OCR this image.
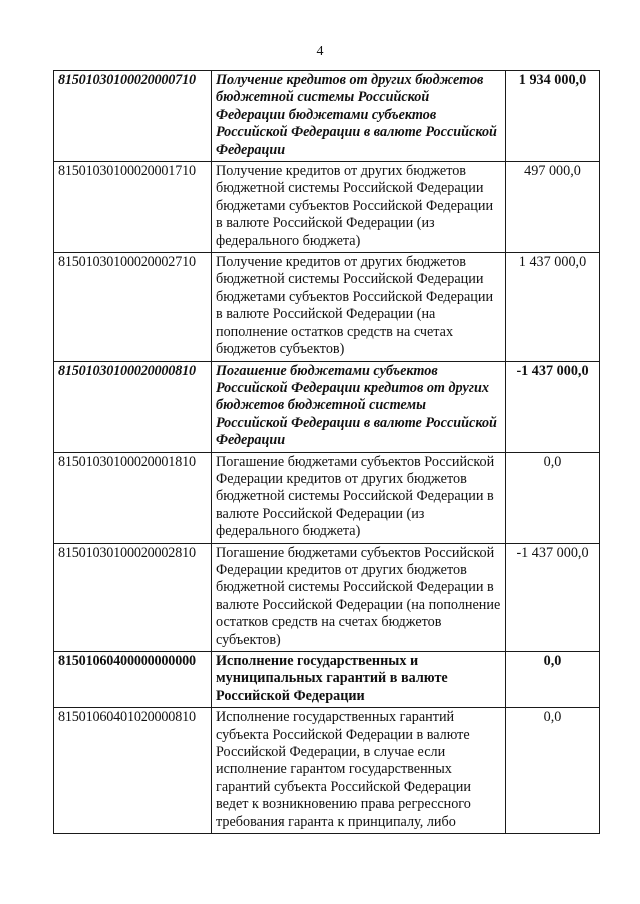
4
81501030100020000710	Получение кредитов от других бюджетов бюджетной системы Российской Федерации бюджетами субъектов Российской Федерации в валюте Российской Федерации	1 934 000,0
81501030100020001710	Получение кредитов от других бюджетов бюджетной системы Российской Федерации бюджетами субъектов Российской Федерации в валюте Российской Федерации (из федерального бюджета)	497 000,0
81501030100020002710	Получение кредитов от других бюджетов бюджетной системы Российской Федерации бюджетами субъектов Российской Федерации в валюте Российской Федерации (на пополнение остатков средств на счетах бюджетов субъектов)	1 437 000,0
81501030100020000810	Погашение бюджетами субъектов Российской Федерации кредитов от других бюджетов бюджетной системы Российской Федерации в валюте Российской Федерации	-1 437 000,0
81501030100020001810	Погашение бюджетами субъектов Российской Федерации кредитов от других бюджетов бюджетной системы Российской Федерации в валюте Российской Федерации (из федерального бюджета)	0,0
81501030100020002810	Погашение бюджетами субъектов Российской Федерации кредитов от других бюджетов бюджетной системы Российской Федерации в валюте Российской Федерации (на пополнение остатков средств на счетах бюджетов субъектов)	-1 437 000,0
81501060400000000000	Исполнение государственных и муниципальных гарантий в валюте Российской Федерации	0,0
81501060401020000810	Исполнение государственных гарантий субъекта Российской Федерации в валюте Российской Федерации, в случае если исполнение гарантом государственных гарантий субъекта Российской Федерации ведет к возникновению права регрессного требования гаранта к принципалу, либо	0,0
